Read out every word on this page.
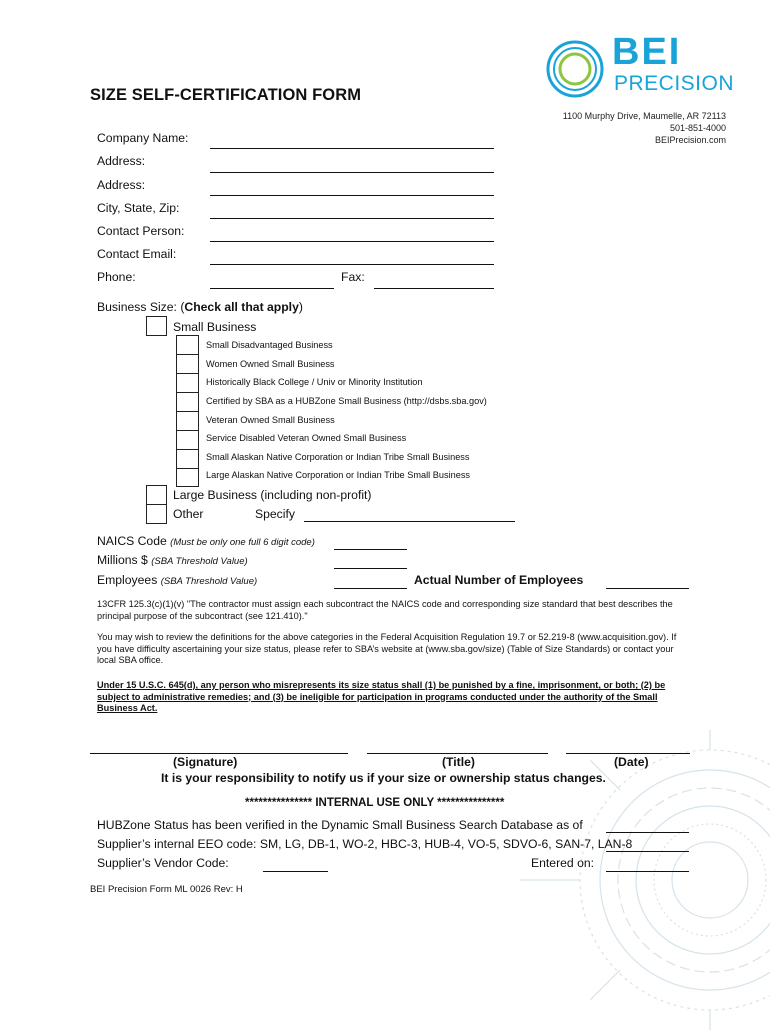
SIZE SELF-CERTIFICATION FORM
BEI
PRECISION
1100 Murphy Drive, Maumelle, AR 72113
501-851-4000
BEIPrecision.com
Company Name:
Address:
Address:
City, State, Zip:
Contact Person:
Contact Email:
Phone:	Fax:
Business Size: (Check all that apply)
Small Business
Small Disadvantaged Business
Women Owned Small Business
Historically Black College / Univ or Minority Institution
Certified by SBA as a HUBZone Small Business (http://dsbs.sba.gov)
Veteran Owned Small Business
Service Disabled Veteran Owned Small Business
Small Alaskan Native Corporation or Indian Tribe Small Business
Large Alaskan Native Corporation or Indian Tribe Small Business
Large Business (including non-profit)
Other	Specify
NAICS Code (Must be only one full 6 digit code)
Millions $ (SBA Threshold Value)
Employees (SBA Threshold Value)	Actual Number of Employees
13CFR 125.3(c)(1)(v) "The contractor must assign each subcontract the NAICS code and corresponding size standard that best describes the principal purpose of the subcontract (see 121.410)."
You may wish to review the definitions for the above categories in the Federal Acquisition Regulation 19.7 or 52.219-8 (www.acquisition.gov). If you have difficulty ascertaining your size status, please refer to SBA’s website at (www.sba.gov/size) (Table of Size Standards) or contact your local SBA office.
Under 15 U.S.C. 645(d), any person who misrepresents its size status shall (1) be punished by a fine, imprisonment, or both; (2) be subject to administrative remedies; and (3) be ineligible for participation in programs conducted under the authority of the Small Business Act.
(Signature)	(Title)	(Date)
It is your responsibility to notify us if your size or ownership status changes.
*************** INTERNAL USE ONLY ***************
HUBZone Status has been verified in the Dynamic Small Business Search Database as of
Supplier’s internal EEO code: SM, LG, DB-1, WO-2, HBC-3, HUB-4, VO-5, SDVO-6, SAN-7, LAN-8
Supplier’s Vendor Code:	Entered on:
BEI Precision Form ML 0026 Rev: H
